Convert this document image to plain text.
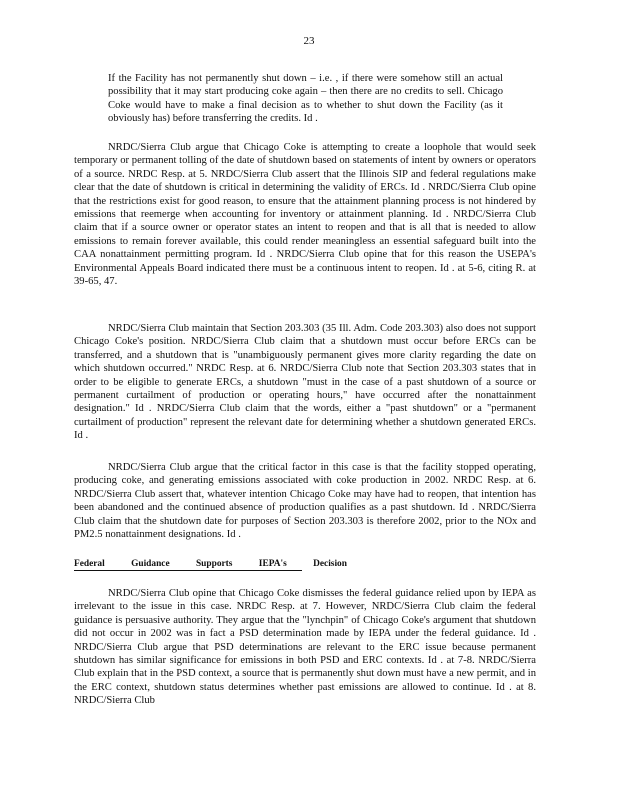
23

If the Facility has not permanently shut down – i.e. , if there were somehow still an actual possibility that it may start producing coke again – then there are no credits to sell. Chicago Coke would have to make a final decision as to whether to shut down the Facility (as it obviously has) before transferring the credits. Id .

NRDC/Sierra Club argue that Chicago Coke is attempting to create a loophole that would seek temporary or permanent tolling of the date of shutdown based on statements of intent by owners or operators of a source. NRDC Resp. at 5. NRDC/Sierra Club assert that the Illinois SIP and federal regulations make clear that the date of shutdown is critical in determining the validity of ERCs. Id . NRDC/Sierra Club opine that the restrictions exist for good reason, to ensure that the attainment planning process is not hindered by emissions that reemerge when accounting for inventory or attainment planning. Id . NRDC/Sierra Club claim that if a source owner or operator states an intent to reopen and that is all that is needed to allow emissions to remain forever available, this could render meaningless an essential safeguard built into the CAA nonattainment permitting program. Id . NRDC/Sierra Club opine that for this reason the USEPA's Environmental Appeals Board indicated there must be a continuous intent to reopen. Id . at 5-6, citing R. at 39-65, 47.

NRDC/Sierra Club maintain that Section 203.303 (35 Ill. Adm. Code 203.303) also does not support Chicago Coke's position. NRDC/Sierra Club claim that a shutdown must occur before ERCs can be transferred, and a shutdown that is "unambiguously permanent gives more clarity regarding the date on which shutdown occurred." NRDC Resp. at 6. NRDC/Sierra Club note that Section 203.303 states that in order to be eligible to generate ERCs, a shutdown "must in the case of a past shutdown of a source or permanent curtailment of production or operating hours," have occurred after the nonattainment designation." Id . NRDC/Sierra Club claim that the words, either a "past shutdown" or a "permanent curtailment of production" represent the relevant date for determining whether a shutdown generated ERCs. Id .

NRDC/Sierra Club argue that the critical factor in this case is that the facility stopped operating, producing coke, and generating emissions associated with coke production in 2002. NRDC Resp. at 6. NRDC/Sierra Club assert that, whatever intention Chicago Coke may have had to reopen, that intention has been abandoned and the continued absence of production qualifies as a past shutdown. Id . NRDC/Sierra Club claim that the shutdown date for purposes of Section 203.303 is therefore 2002, prior to the NOx and PM2.5 nonattainment designations. Id .

Federal	Guidance	Supports	IEPA's	Decision

NRDC/Sierra Club opine that Chicago Coke dismisses the federal guidance relied upon by IEPA as irrelevant to the issue in this case. NRDC Resp. at 7. However, NRDC/Sierra Club claim the federal guidance is persuasive authority. They argue that the "lynchpin" of Chicago Coke's argument that shutdown did not occur in 2002 was in fact a PSD determination made by IEPA under the federal guidance. Id . NRDC/Sierra Club argue that PSD determinations are relevant to the ERC issue because permanent shutdown has similar significance for emissions in both PSD and ERC contexts. Id . at 7-8. NRDC/Sierra Club explain that in the PSD context, a source that is permanently shut down must have a new permit, and in the ERC context, shutdown status determines whether past emissions are allowed to continue. Id . at 8. NRDC/Sierra Club
